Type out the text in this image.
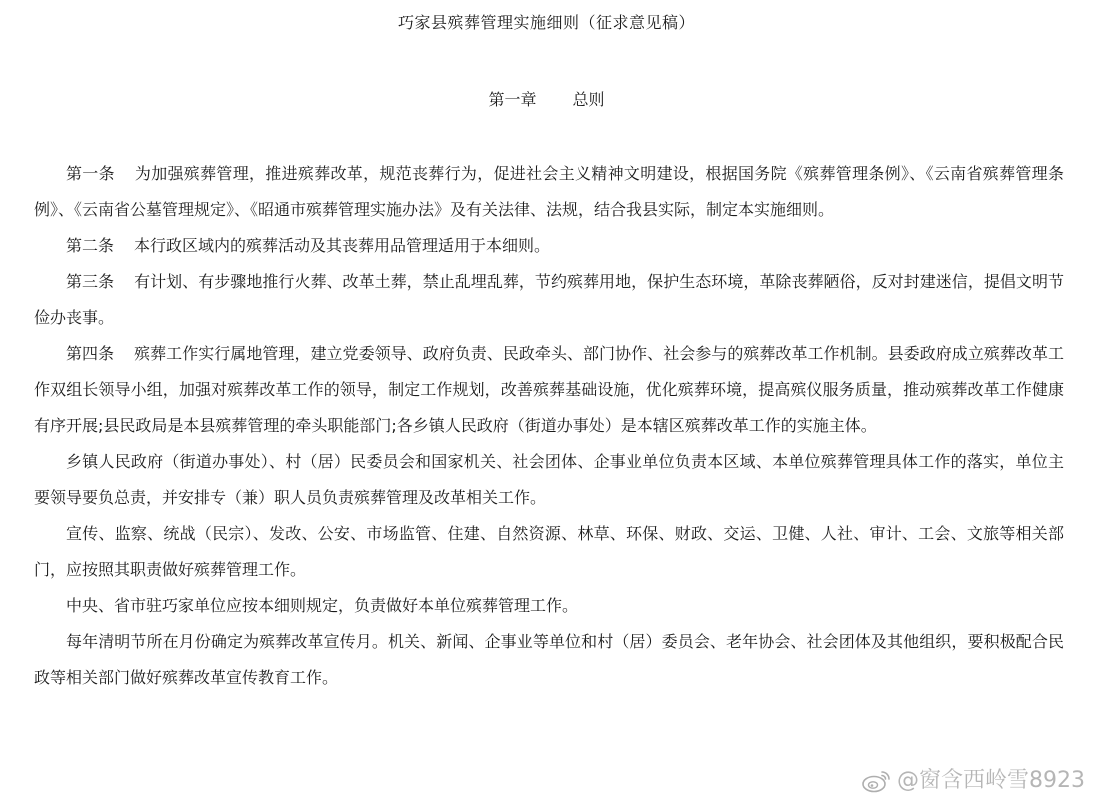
巧家县殡葬管理实施细则（征求意见稿）
第一章 总则

第一条 为加强殡葬管理，推进殡葬改革，规范丧葬行为，促进社会主义精神文明建设，根据国务院《殡葬管理条例》、《云南省殡葬管理条例》、《云南省公墓管理规定》、《昭通市殡葬管理实施办法》及有关法律、法规，结合我县实际，制定本实施细则。

第二条 本行政区域内的殡葬活动及其丧葬用品管理适用于本细则。

第三条 有计划、有步骤地推行火葬、改革土葬，禁止乱埋乱葬，节约殡葬用地，保护生态环境，革除丧葬陋俗，反对封建迷信，提倡文明节俭办丧事。

第四条 殡葬工作实行属地管理，建立党委领导、政府负责、民政牵头、部门协作、社会参与的殡葬改革工作机制。县委政府成立殡葬改革工作双组长领导小组，加强对殡葬改革工作的领导，制定工作规划，改善殡葬基础设施，优化殡葬环境，提高殡仪服务质量，推动殡葬改革工作健康有序开展;县民政局是本县殡葬管理的牵头职能部门;各乡镇人民政府（街道办事处）是本辖区殡葬改革工作的实施主体。

乡镇人民政府（街道办事处）、村（居）民委员会和国家机关、社会团体、企事业单位负责本区域、本单位殡葬管理具体工作的落实，单位主要领导要负总责，并安排专（兼）职人员负责殡葬管理及改革相关工作。

宣传、监察、统战（民宗）、发改、公安、市场监管、住建、自然资源、林草、环保、财政、交运、卫健、人社、审计、工会、文旅等相关部门，应按照其职责做好殡葬管理工作。

中央、省市驻巧家单位应按本细则规定，负责做好本单位殡葬管理工作。

每年清明节所在月份确定为殡葬改革宣传月。机关、新闻、企事业等单位和村（居）委员会、老年协会、社会团体及其他组织，要积极配合民政等相关部门做好殡葬改革宣传教育工作。

@窗含西岭雪8923
